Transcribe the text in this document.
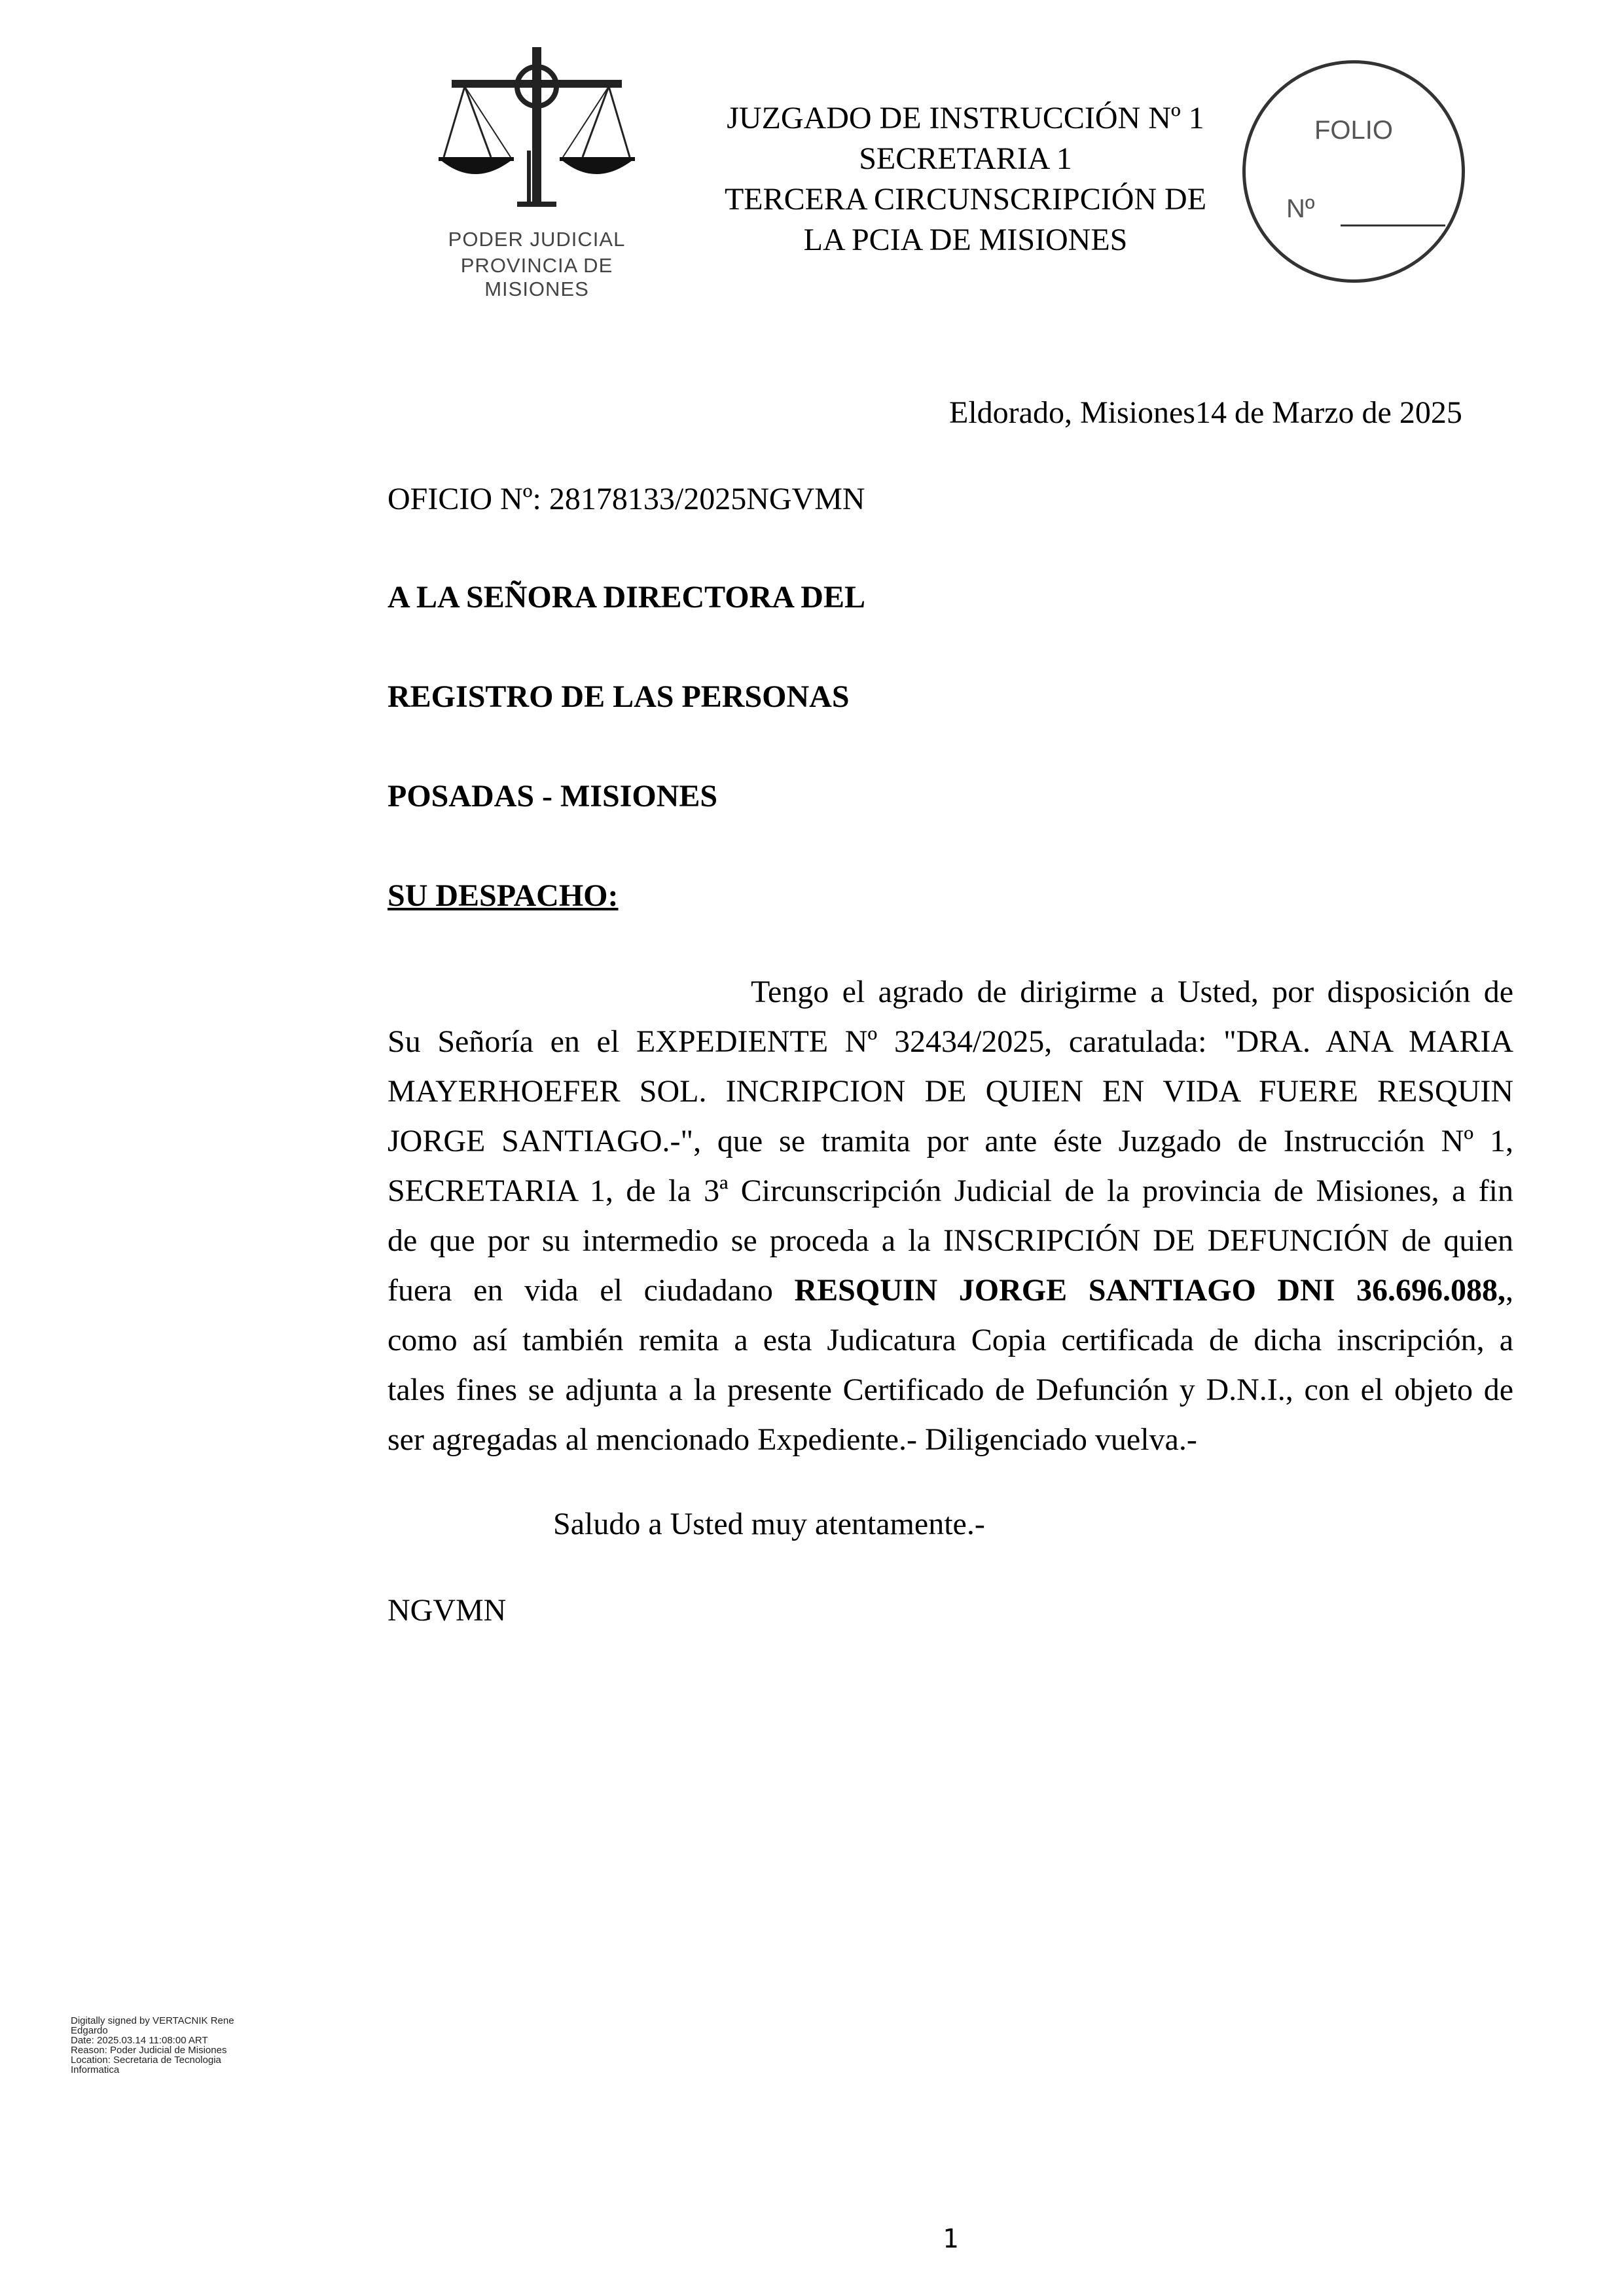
PODER JUDICIAL
PROVINCIA DE MISIONES
JUZGADO DE INSTRUCCIÓN Nº 1
SECRETARIA 1
TERCERA CIRCUNSCRIPCIÓN DE
LA PCIA DE MISIONES
FOLIO
Nº
Eldorado, Misiones14 de Marzo de 2025
OFICIO Nº: 28178133/2025NGVMN
A LA SEÑORA DIRECTORA DEL
REGISTRO DE LAS PERSONAS
POSADAS - MISIONES
SU DESPACHO:
Tengo el agrado de dirigirme a Usted, por disposición de
Su Señoría en el EXPEDIENTE Nº 32434/2025, caratulada: "DRA. ANA MARIA
MAYERHOEFER SOL. INCRIPCION DE QUIEN EN VIDA FUERE RESQUIN
JORGE SANTIAGO.-", que se tramita por ante éste Juzgado de Instrucción Nº 1,
SECRETARIA 1, de la 3ª Circunscripción Judicial de la provincia de Misiones, a fin
de que por su intermedio se proceda a la INSCRIPCIÓN DE DEFUNCIÓN de quien
fuera en vida el ciudadano RESQUIN JORGE SANTIAGO DNI 36.696.088,,
como así también remita a esta Judicatura Copia certificada de dicha inscripción, a
tales fines se adjunta a la presente Certificado de Defunción y D.N.I., con el objeto de
ser agregadas al mencionado Expediente.- Diligenciado vuelva.-
Saludo a Usted muy atentamente.-
NGVMN
Digitally signed by VERTACNIK Rene
Edgardo
Date: 2025.03.14 11:08:00 ART
Reason: Poder Judicial de Misiones
Location: Secretaria de Tecnologia
Informatica
1
